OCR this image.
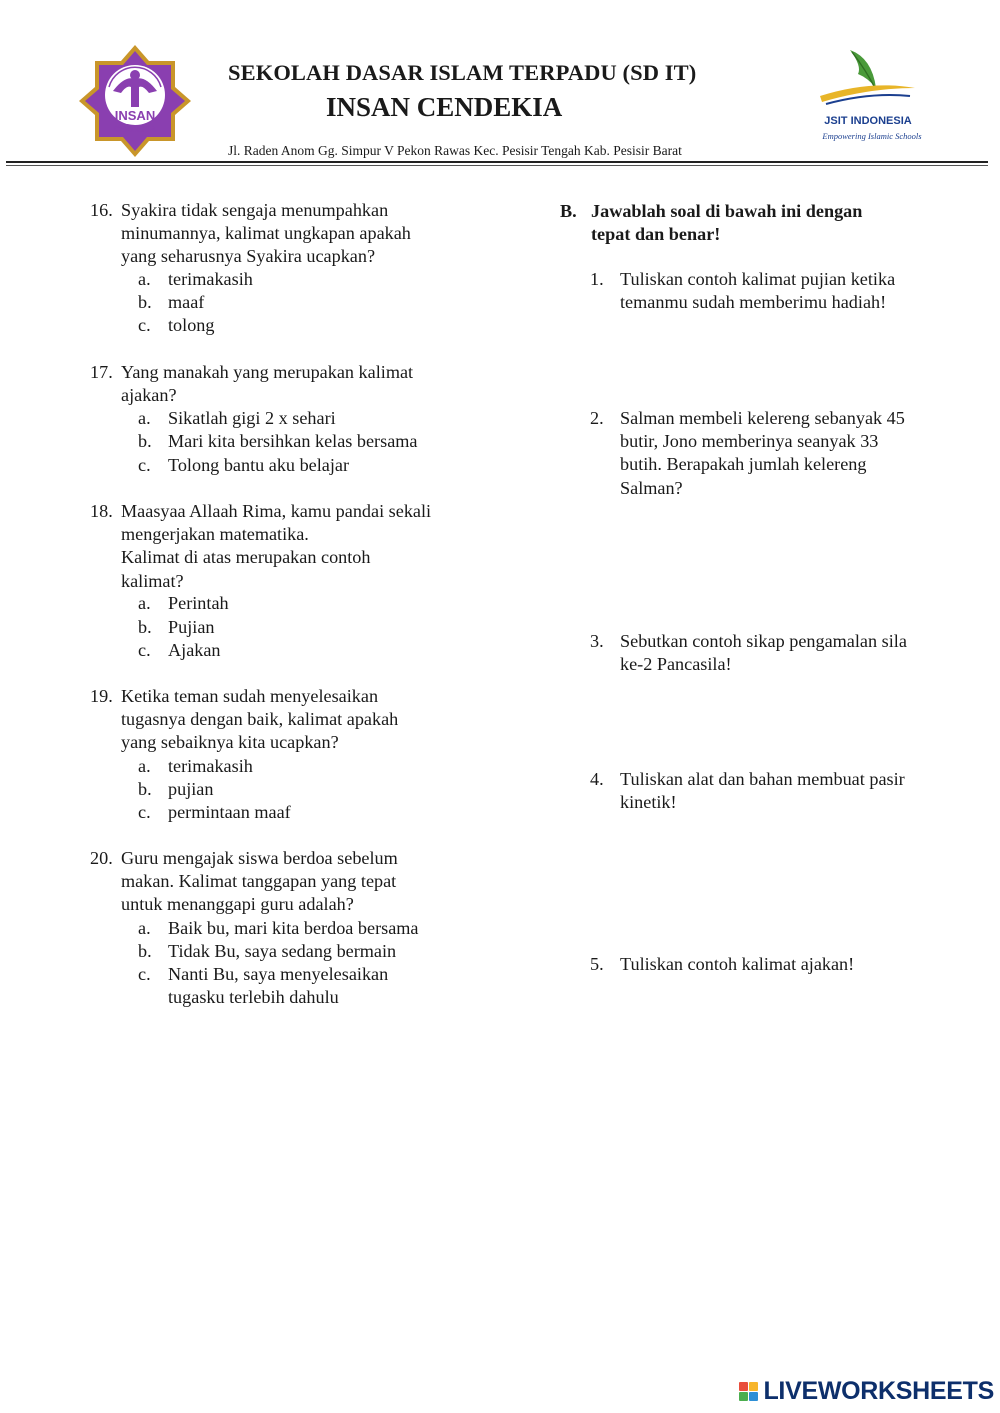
INSAN
CENDEKIA
SEKOLAH DASAR ISLAM TERPADU (SD IT)
INSAN CENDEKIA
Jl. Raden Anom Gg. Simpur V Pekon Rawas Kec. Pesisir Tengah Kab. Pesisir Barat
JSIT INDONESIA
Empowering Islamic Schools
16. Syakira tidak sengaja menumpahkan
minumannya, kalimat ungkapan apakah
yang seharusnya Syakira ucapkan?
a. terimakasih
b. maaf
c. tolong
17. Yang manakah yang merupakan kalimat
ajakan?
a. Sikatlah gigi 2 x sehari
b. Mari kita bersihkan kelas bersama
c. Tolong bantu aku belajar
18. Maasyaa Allaah Rima, kamu pandai sekali
mengerjakan matematika.
Kalimat di atas merupakan contoh
kalimat?
a. Perintah
b. Pujian
c. Ajakan
19. Ketika teman sudah menyelesaikan
tugasnya dengan baik, kalimat apakah
yang sebaiknya kita ucapkan?
a. terimakasih
b. pujian
c. permintaan maaf
20. Guru mengajak siswa berdoa sebelum
makan. Kalimat tanggapan yang tepat
untuk menanggapi guru adalah?
a. Baik bu, mari kita berdoa bersama
b. Tidak Bu, saya sedang bermain
c. Nanti Bu, saya menyelesaikan
tugasku terlebih dahulu
B. Jawablah soal di bawah ini dengan
tepat dan benar!
1. Tuliskan contoh kalimat pujian ketika
temanmu sudah memberimu hadiah!
2. Salman membeli kelereng sebanyak 45
butir, Jono memberinya seanyak 33
butih. Berapakah jumlah kelereng
Salman?
3. Sebutkan contoh sikap pengamalan sila
ke-2 Pancasila!
4. Tuliskan alat dan bahan membuat pasir
kinetik!
5. Tuliskan contoh kalimat ajakan!
LIVEWORKSHEETS
